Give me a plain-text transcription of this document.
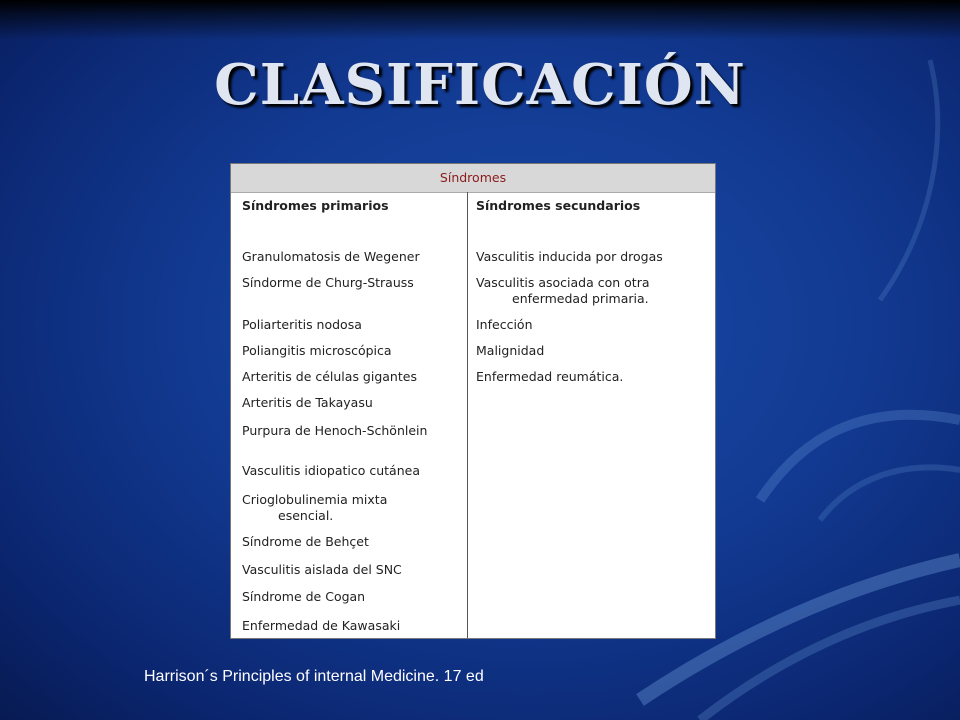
CLASIFICACIÓN
Síndromes
Síndromes primarios
Granulomatosis de Wegener
Síndorme de Churg-Strauss
Poliarteritis nodosa
Poliangitis microscópica
Arteritis de células gigantes
Arteritis de Takayasu
Purpura de Henoch-Schönlein
Vasculitis idiopatico cutánea
Crioglobulinemia mixta
esencial.
Síndrome de Behçet
Vasculitis aislada del SNC
Síndrome de Cogan
Enfermedad de Kawasaki
Síndromes secundarios
Vasculitis inducida por drogas
Vasculitis asociada con otra
enfermedad primaria.
Infección
Malignidad
Enfermedad reumática.
Harrison´s Principles of internal Medicine. 17 ed
